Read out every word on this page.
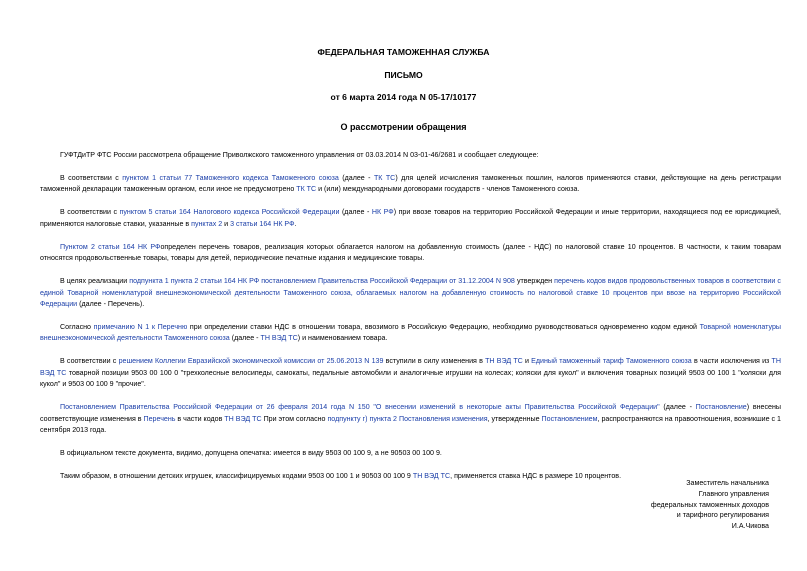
ФЕДЕРАЛЬНАЯ ТАМОЖЕННАЯ СЛУЖБА
ПИСЬМО
от 6 марта 2014 года N 05-17/10177
О рассмотрении обращения

ГУФТДиТР ФТС России рассмотрела обращение Приволжского таможенного управления от 03.03.2014 N 03-01-46/2681 и сообщает следующее:

В соответствии с пунктом 1 статьи 77 Таможенного кодекса Таможенного союза (далее - ТК ТС) для целей исчисления таможенных пошлин, налогов применяются ставки, действующие на день регистрации таможенной декларации таможенным органом, если иное не предусмотрено ТК ТС и (или) международными договорами государств - членов Таможенного союза.

В соответствии с пунктом 5 статьи 164 Налогового кодекса Российской Федерации (далее - НК РФ) при ввозе товаров на территорию Российской Федерации и иные территории, находящиеся под ее юрисдикцией, применяются налоговые ставки, указанные в пунктах 2 и 3 статьи 164 НК РФ.

Пунктом 2 статьи 164 НК РФопределен перечень товаров, реализация которых облагается налогом на добавленную стоимость (далее - НДС) по налоговой ставке 10 процентов. В частности, к таким товарам относятся продовольственные товары, товары для детей, периодические печатные издания и медицинские товары.

В целях реализации подпункта 1 пункта 2 статьи 164 НК РФ постановлением Правительства Российской Федерации от 31.12.2004 N 908 утвержден перечень кодов видов продовольственных товаров в соответствии с единой Товарной номенклатурой внешнеэкономической деятельности Таможенного союза, облагаемых налогом на добавленную стоимость по налоговой ставке 10 процентов при ввозе на территорию Российской Федерации (далее - Перечень).

Согласно примечанию N 1 к Перечню при определении ставки НДС в отношении товара, ввозимого в Российскую Федерацию, необходимо руководствоваться одновременно кодом единой Товарной номенклатуры внешнеэкономической деятельности Таможенного союза (далее - ТН ВЭД ТС) и наименованием товара.

В соответствии с решением Коллегии Евразийской экономической комиссии от 25.06.2013 N 139 вступили в силу изменения в ТН ВЭД ТС и Единый таможенный тариф Таможенного союза в части исключения из ТН ВЭД ТС товарной позиции 9503 00 100 0 "трехколесные велосипеды, самокаты, педальные автомобили и аналогичные игрушки на колесах; коляски для кукол" и включения товарных позиций 9503 00 100 1 "коляски для кукол" и 9503 00 100 9 "прочие".

Постановлением Правительства Российской Федерации от 26 февраля 2014 года N 150 "О внесении изменений в некоторые акты Правительства Российской Федерации" (далее - Постановление) внесены соответствующие изменения в Перечень в части кодов ТН ВЭД ТС При этом согласно подпункту г) пункта 2 Постановления изменения, утвержденные Постановлением, распространяются на правоотношения, возникшие с 1 сентября 2013 года.

В официальном тексте документа, видимо, допущена опечатка: имеется в виду 9503 00 100 9, а не 90503 00 100 9.

Таким образом, в отношении детских игрушек, классифицируемых кодами 9503 00 100 1 и 90503 00 100 9 ТН ВЭД ТС, применяется ставка НДС в размере 10 процентов.

Заместитель начальника
Главного управления
федеральных таможенных доходов
и тарифного регулирования
И.А.Чикова
